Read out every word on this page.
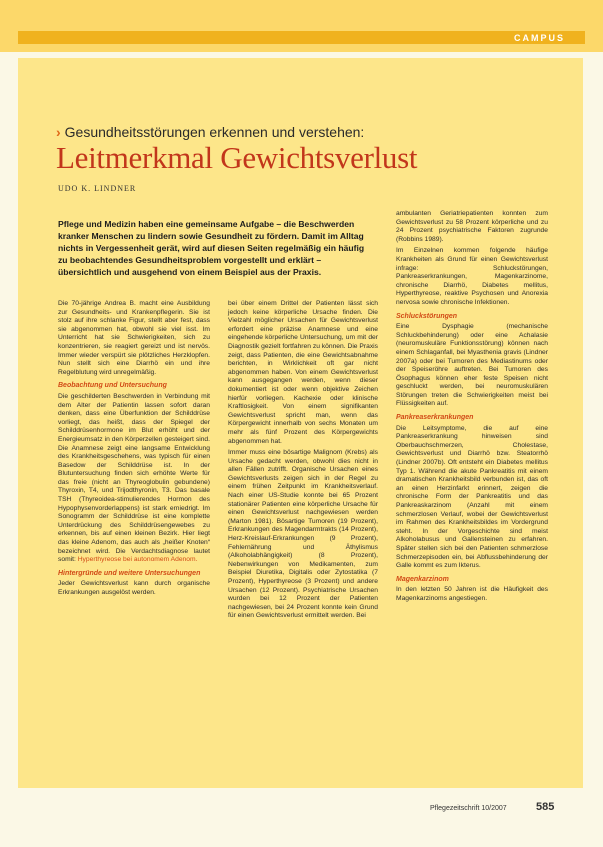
CAMPUS
› Gesundheitsstörungen erkennen und verstehen:
Leitmerkmal Gewichtsverlust
UDO K. LINDNER
Pflege und Medizin haben eine gemeinsame Aufgabe – die Beschwerden kranker Menschen zu lindern sowie Gesundheit zu fördern. Damit im Alltag nichts in Vergessenheit gerät, wird auf diesen Seiten regelmäßig ein häufig zu beobachtendes Gesundheitsproblem vorgestellt und erklärt – übersichtlich und ausgehend von einem Beispiel aus der Praxis.

Die 70-jährige Andrea B. macht eine Ausbildung zur Gesundheits- und Krankenpflegerin. Sie ist stolz auf ihre schlanke Figur, stellt aber fest, dass sie abgenommen hat, obwohl sie viel isst. Im Unterricht hat sie Schwierigkeiten, sich zu konzentrieren, sie reagiert gereizt und ist nervös. Immer wieder verspürt sie plötzliches Herzklopfen. Nun stellt sich eine Diarrhö ein und ihre Regelblutung wird unregelmäßig.

Beobachtung und Untersuchung

Die geschilderten Beschwerden in Verbindung mit dem Alter der Patientin lassen sofort daran denken, dass eine Überfunktion der Schilddrüse vorliegt, das heißt, dass der Spiegel der Schilddrüsenhormone im Blut erhöht und der Energieumsatz in den Körperzellen gesteigert sind. Die Anamnese zeigt eine langsame Entwicklung des Krankheitsgeschehens, was typisch für einen Basedow der Schilddrüse ist. In der Blutuntersuchung finden sich erhöhte Werte für das freie (nicht an Thyreoglobulin gebundene) Thyroxin, T4, und Trijodthyronin, T3. Das basale TSH (Thyreoidea-stimulierendes Hormon des Hypophysenvorderlappens) ist stark erniedrigt. Im Sonogramm der Schilddrüse ist eine komplette Unterdrückung des Schilddrüsengewebes zu erkennen, bis auf einen kleinen Bezirk. Hier liegt das kleine Adenom, das auch als „heißer Knoten“ bezeichnet wird. Die Verdachtsdiagnose lautet somit: Hyperthyreose bei autonomem Adenom.

Hintergründe und weitere Untersuchungen

Jeder Gewichtsverlust kann durch organische Erkrankungen ausgelöst werden.

bei über einem Drittel der Patienten lässt sich jedoch keine körperliche Ursache finden. Die Vielzahl möglicher Ursachen für Gewichtsverlust erfordert eine präzise Anamnese und eine eingehende körperliche Untersuchung, um mit der Diagnostik gezielt fortfahren zu können. Die Praxis zeigt, dass Patienten, die eine Gewichtsabnahme berichten, in Wirklichkeit oft gar nicht abgenommen haben. Von einem Gewichtsverlust kann ausgegangen werden, wenn dieser dokumentiert ist oder wenn objektive Zeichen hierfür vorliegen. Kachexie oder klinische Kraftlosigkeit. Von einem signifikanten Gewichtsverlust spricht man, wenn das Körpergewicht innerhalb von sechs Monaten um mehr als fünf Prozent des Körpergewichts abgenommen hat.

Immer muss eine bösartige Malignom (Krebs) als Ursache gedacht werden, obwohl dies nicht in allen Fällen zutrifft. Organische Ursachen eines Gewichtsverlusts zeigen sich in der Regel zu einem frühen Zeitpunkt im Krankheitsverlauf. Nach einer US-Studie konnte bei 65 Prozent stationärer Patienten eine körperliche Ursache für einen Gewichtsverlust nachgewiesen werden (Marton 1981). Bösartige Tumoren (19 Prozent), Erkrankungen des Magendarmtrakts (14 Prozent), Herz-Kreislauf-Erkrankungen (9 Prozent), Fehlernährung und Äthylismus (Alkoholabhängigkeit) (8 Prozent), Nebenwirkungen von Medikamenten, zum Beispiel Diuretika, Digitalis oder Zytostatika (7 Prozent), Hyperthyreose (3 Prozent) und andere Ursachen (12 Prozent). Psychiatrische Ursachen wurden bei 12 Prozent der Patienten nachgewiesen, bei 24 Prozent konnte kein Grund für einen Gewichtsverlust ermittelt werden. Bei

ambulanten Geriatriepatienten konnten zum Gewichtsverlust zu 58 Prozent körperliche und zu 24 Prozent psychiatrische Faktoren zugrunde (Robbins 1989).

Im Einzelnen kommen folgende häufige Krankheiten als Grund für einen Gewichtsverlust infrage: Schluckstörungen, Pankreaserkrankungen, Magenkarzinome, chronische Diarrhö, Diabetes mellitus, Hyperthyreose, reaktive Psychosen und Anorexia nervosa sowie chronische Infektionen.

Schluckstörungen

Eine Dysphagie (mechanische Schluckbehinderung) oder eine Achalasie (neuromuskuläre Funktionsstörung) können nach einem Schlaganfall, bei Myasthenia gravis (Lindner 2007a) oder bei Tumoren des Mediastinums oder der Speiseröhre auftreten. Bei Tumoren des Ösophagus können eher feste Speisen nicht geschluckt werden, bei neuromuskulären Störungen treten die Schwierigkeiten meist bei Flüssigkeiten auf.

Pankreaserkrankungen

Die Leitsymptome, die auf eine Pankreaserkrankung hinweisen sind Oberbauchschmerzen, Cholestase, Gewichtsverlust und Diarrhö bzw. Steatorrhö (Lindner 2007b). Oft entsteht ein Diabetes mellitus Typ 1. Während die akute Pankreatitis mit einem dramatischen Krankheitsbild verbunden ist, das oft an einen Herzinfarkt erinnert, zeigen die chronische Form der Pankreatitis und das Pankreaskarzinom (Anzahl mit einem schmerzlosen Verlauf, wobei der Gewichtsverlust im Rahmen des Krankheitsbildes im Vordergrund steht. In der Vorgeschichte sind meist Alkoholabusus und Gallensteinen zu erfahren. Später stellen sich bei den Patienten schmerzlose Schmerzepisoden ein, bei Abflussbehinderung der Galle kommt es zum Ikterus.

Magenkarzinom

In den letzten 50 Jahren ist die Häufigkeit des Magenkarzinoms angestiegen.

Pflegezeitschrift 10/2007	585
